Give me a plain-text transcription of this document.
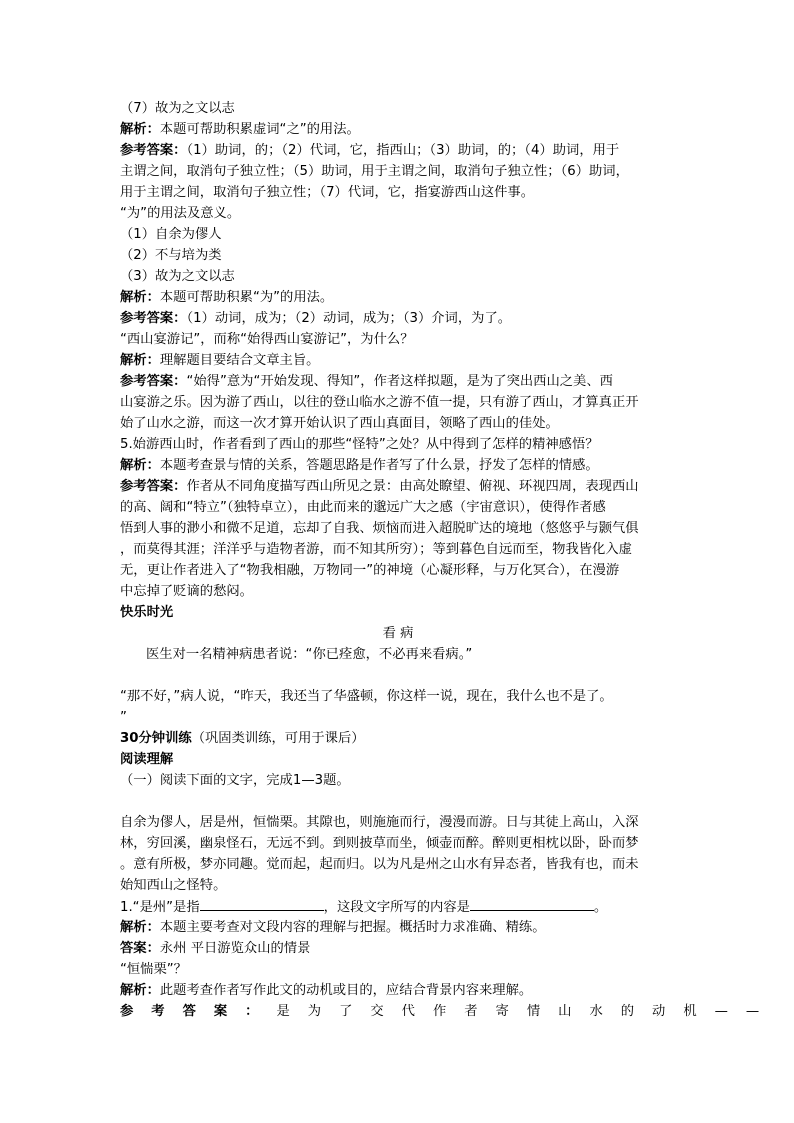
（7）故为之文以志
解析：本题可帮助积累虚词“之”的用法。
参考答案：（1）助词，的；（2）代词，它，指西山；（3）助词，的；（4）助词，用于
主谓之间，取消句子独立性；（5）助词，用于主谓之间，取消句子独立性；（6）助词，
用于主谓之间，取消句子独立性；（7）代词，它，指宴游西山这件事。
“为”的用法及意义。
（1）自余为僇人
（2）不与培为类
（3）故为之文以志
解析：本题可帮助积累“为”的用法。
参考答案：（1）动词，成为；（2）动词，成为；（3）介词，为了。
“西山宴游记”，而称“始得西山宴游记”，为什么？
解析：理解题目要结合文章主旨。
参考答案：“始得”意为“开始发现、得知”，作者这样拟题，是为了突出西山之美、西
山宴游之乐。因为游了西山，以往的登山临水之游不值一提，只有游了西山，才算真正开
始了山水之游，而这一次才算开始认识了西山真面目，领略了西山的佳处。
5.始游西山时，作者看到了西山的那些“怪特”之处？从中得到了怎样的精神感悟？
解析：本题考查景与情的关系，答题思路是作者写了什么景，抒发了怎样的情感。
参考答案：作者从不同角度描写西山所见之景：由高处瞭望、俯视、环视四周，表现西山
的高、阔和“特立”（独特卓立），由此而来的邈远广大之感（宇宙意识），使得作者感
悟到人事的渺小和微不足道，忘却了自我、烦恼而进入超脱旷达的境地（悠悠乎与颢气俱
，而莫得其涯；洋洋乎与造物者游，而不知其所穷）；等到暮色自远而至，物我皆化入虚
无，更让作者进入了“物我相融，万物同一”的神境（心凝形释，与万化冥合），在漫游
中忘掉了贬谪的愁闷。
快乐时光
看 病
医生对一名精神病患者说：“你已痊愈，不必再来看病。”
“那不好，”病人说，“昨天，我还当了华盛顿，你这样一说，现在，我什么也不是了。
”
30分钟训练（巩固类训练，可用于课后）
阅读理解
（一）阅读下面的文字，完成1—3题。
自余为僇人，居是州，恒惴栗。其隙也，则施施而行，漫漫而游。日与其徒上高山，入深
林，穷回溪，幽泉怪石，无远不到。到则披草而坐，倾壶而醉。醉则更相枕以卧，卧而梦
。意有所极，梦亦同趣。觉而起，起而归。以为凡是州之山水有异态者，皆我有也，而未
始知西山之怪特。
1.“是州”是指	，这段文字所写的内容是	。
解析：本题主要考查对文段内容的理解与把握。概括时力求准确、精练。
答案：永州 平日游览众山的情景
“恒惴栗”？
解析：此题考查作者写作此文的动机或目的，应结合背景内容来理解。
参考答案：是为了交代作者寄情山水的动机——
